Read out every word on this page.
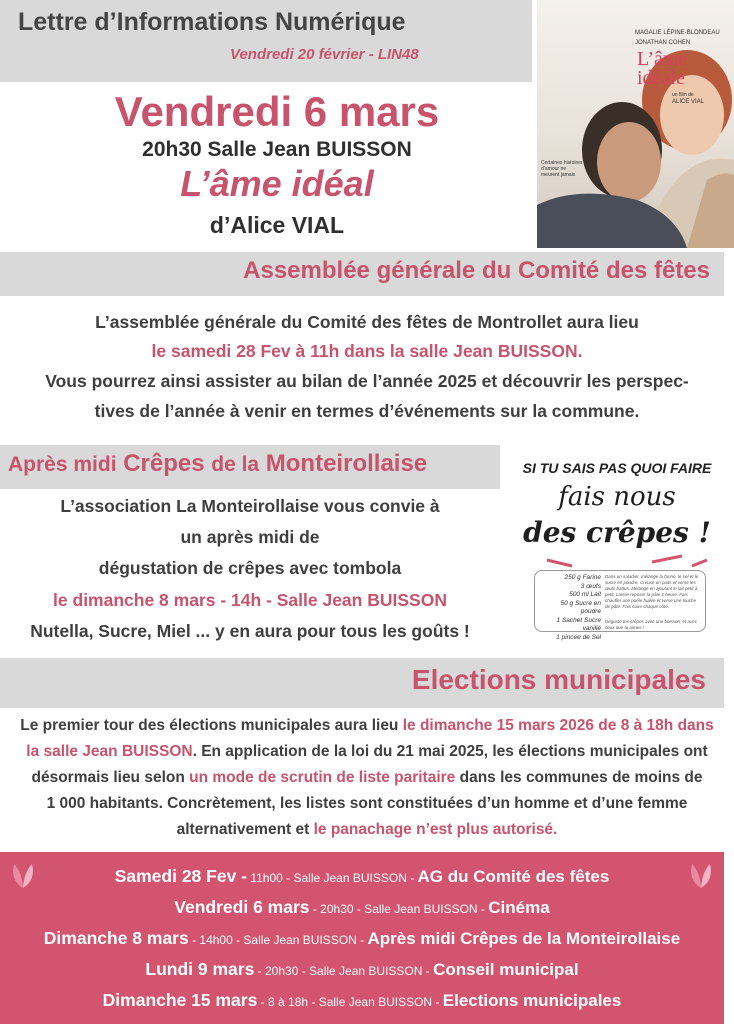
Lettre d’Informations Numérique
Vendredi 20 février - LIN48
MAGALIE LÉPINE-BLONDEAU
JONATHAN COHEN
L’âme
idéale
un film de
ALICE VIAL
Certaines histoires d’amour ne meurent jamais
Vendredi 6 mars
20h30 Salle Jean BUISSON
L’âme idéal
d’Alice VIAL
Assemblée générale du Comité des fêtes
L’assemblée générale du Comité des fêtes de Montrollet aura lieu
le samedi 28 Fev à 11h dans la salle Jean BUISSON.
Vous pourrez ainsi assister au bilan de l’année 2025 et découvrir les perspec-
tives de l’année à venir en termes d’événements sur la commune.
Après midi Crêpes de la Monteirollaise
L’association La Monteirollaise vous convie à
un après midi de
dégustation de crêpes avec tombola
le dimanche 8 mars - 14h - Salle Jean BUISSON
Nutella, Sucre, Miel ... y en aura pour tous les goûts !
SI TU SAIS PAS QUOI FAIRE
fais nous
des crêpes !
250 g Farine
3 œufs
500 ml Lait
50 g Sucre en poudre
1 Sachet Sucre vanillé
1 pincée de Sel
Dans un saladier, mélange la farine, le sel et le sucre en poudre. Creuse un puits et verse les œufs battus. Mélange en ajoutant le lait petit à petit. Laisse reposer la pâte 1 heure. Fais chauffer une poêle huilée et verse une louche de pâte. Fais cuire chaque côté.
Déguste tes crêpes avec une boisson, et avec ceux que tu aimes !
Elections municipales
Le premier tour des élections municipales aura lieu le dimanche 15 mars 2026 de 8 à 18h dans
la salle Jean BUISSON. En application de la loi du 21 mai 2025, les élections municipales ont
désormais lieu selon un mode de scrutin de liste paritaire dans les communes de moins de
1 000 habitants. Concrètement, les listes sont constituées d’un homme et d’une femme
alternativement et le panachage n’est plus autorisé.
Samedi 28 Fev - 11h00 - Salle Jean BUISSON - AG du Comité des fêtes
Vendredi 6 mars - 20h30 - Salle Jean BUISSON - Cinéma
Dimanche 8 mars - 14h00 - Salle Jean BUISSON - Après midi Crêpes de la Monteirollaise
Lundi 9 mars - 20h30 - Salle Jean BUISSON - Conseil municipal
Dimanche 15 mars - 8 à 18h - Salle Jean BUISSON - Elections municipales
